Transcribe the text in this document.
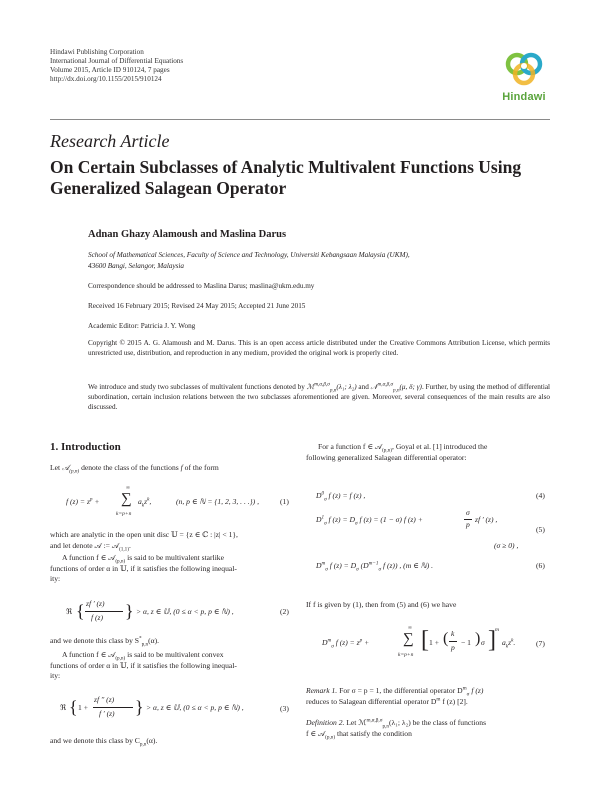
Hindawi Publishing Corporation
International Journal of Differential Equations
Volume 2015, Article ID 910124, 7 pages
http://dx.doi.org/10.1155/2015/910124
Hindawi
Research Article
On Certain Subclasses of Analytic Multivalent Functions Using
Generalized Salagean Operator
Adnan Ghazy Alamoush and Maslina Darus
School of Mathematical Sciences, Faculty of Science and Technology, Universiti Kebangsaan Malaysia (UKM),
43600 Bangi, Selangor, Malaysia
Correspondence should be addressed to Maslina Darus; maslina@ukm.edu.my
Received 16 February 2015; Revised 24 May 2015; Accepted 21 June 2015
Academic Editor: Patricia J. Y. Wong
Copyright © 2015 A. G. Alamoush and M. Darus. This is an open access article distributed under the Creative Commons Attribution License, which permits unrestricted use, distribution, and reproduction in any medium, provided the original work is properly cited.
We introduce and study two subclasses of multivalent functions denoted by ℳ$^{m,\alpha,\beta,\sigma}_{p,n}$(λ₁; λ₂) and 𝒩$^{m,\alpha,\beta,\sigma}_{p,n}$(μ, δ; γ). Further, by using the method of differential subordination, certain inclusion relations between the two subclasses aforementioned are given. Moreover, several consequences of the main results are also discussed.
1. Introduction
Let 𝒜$_{(p,n)}$ denote the class of the functions f of the form
f $(z) = z^p$ +
∞
∑
k=p+n
$a_kz^k$,	(n, p ∈ ℕ = {1, 2, 3, . . .}) ,	(1)
which are analytic in the open unit disc 𝕌 = {z ∈ ℂ : |z| < 1},
and let denote 𝒜 := 𝒜$_{(1,1)}$.
A function f ∈ 𝒜$_{(p,n)}$ is said to be multivalent starlike
functions of order α in 𝕌, if it satisfies the following inequal-
ity:
ℜ { zf ′ (z)
f (z) } > α, z ∈ 𝕌, (0 ≤ α < p, p ∈ ℕ) ,	(2)
and we denote this class by $S^*_{p,n}(\alpha)$.
A function f ∈ 𝒜$_{(p,n)}$ is said to be multivalent convex
functions of order α in 𝕌, if it satisfies the following inequal-
ity:
ℜ { 1 +
zf ′′ (z)
f ′ (z) } > α, z ∈ 𝕌, (0 ≤ α < p, p ∈ ℕ) ,	(3)
and we denote this class by $C_{p,n}(\alpha)$.
For a function f ∈ 𝒜$_{(p,n)}$, Goyal et al. [1] introduced the
following generalized Salagean differential operator:
$D^0_\sigma$ f (z) = f (z) ,	(4)
$D^1_\sigma$ f $(z) = D_\sigma$ f (z) = (1 − σ) f (z) +
σ
p
zf ′ (z) ,
(σ ≥ 0) ,
(5)
$D^m_\sigma$ f $(z) = D_\sigma$ ($D^{m-1}_\sigma$ f (z)) , (m ∈ ℕ) .	(6)
If f is given by (1), then from (5) and (6) we have
$D^m_\sigma$ f $(z) = z^p$ +
∞
∑
k=p+n
[ 1 + ( k
p
− 1 ) σ ] m
$a_kz^k$.	(7)
Remark 1. For σ = p = 1, the differential operator $D^m_\sigma$ f (z)
reduces to Salagean differential operator $D^m$ f (z) [2].
Definition 2. Let ℳ$^{m,\alpha,\beta,\sigma}_{p,n}$(λ₁; λ₂) be the class of functions
f ∈ 𝒜$_{(p,n)}$ that satisfy the condition
